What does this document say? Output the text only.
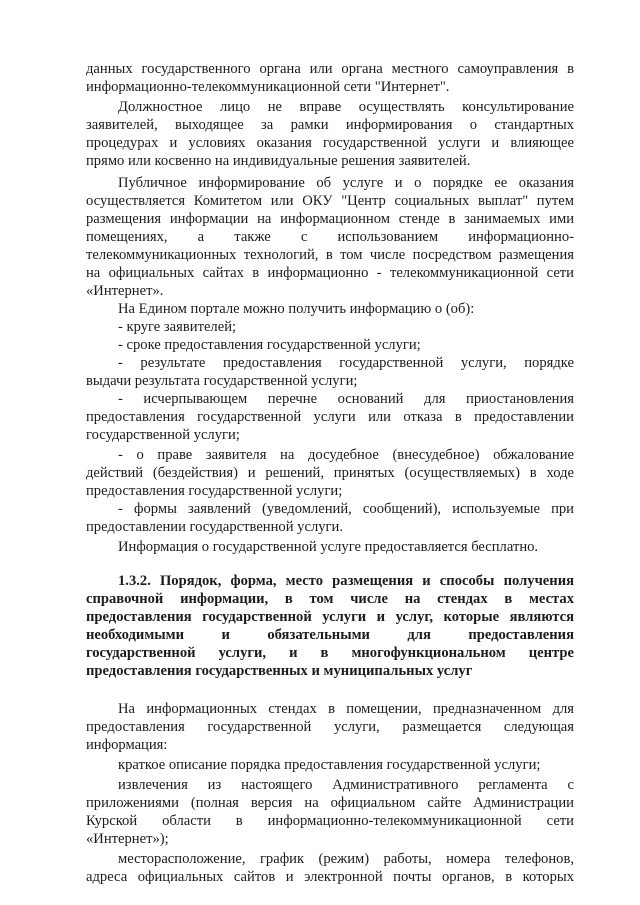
данных государственного органа или органа местного самоуправления в

информационно-телекоммуникационной сети "Интернет".

Должностное лицо не вправе осуществлять консультирование

заявителей, выходящее за рамки информирования о стандартных

процедурах и условиях оказания государственной услуги и влияющее

прямо или косвенно на индивидуальные решения заявителей.

Публичное информирование об услуге и о порядке ее оказания

осуществляется Комитетом или ОКУ "Центр социальных выплат" путем

размещения информации на информационном стенде в занимаемых ими

помещениях, а также с использованием информационно-

телекоммуникационных технологий, в том числе посредством размещения

на официальных сайтах в информационно - телекоммуникационной сети

«Интернет».

На Едином портале можно получить информацию о (об):

- круге заявителей;

- сроке предоставления государственной услуги;

- результате предоставления государственной услуги, порядке

выдачи результата государственной услуги;

- исчерпывающем перечне оснований для приостановления

предоставления государственной услуги или отказа в предоставлении

государственной услуги;

- о праве заявителя на досудебное (внесудебное) обжалование

действий (бездействия) и решений, принятых (осуществляемых) в ходе

предоставления государственной услуги;

- формы заявлений (уведомлений, сообщений), используемые при

предоставлении государственной услуги.

Информация о государственной услуге предоставляется бесплатно.

1.3.2. Порядок, форма, место размещения и способы получения

справочной информации, в том числе на стендах в местах

предоставления государственной услуги и услуг, которые являются

необходимыми и обязательными для предоставления

государственной услуги, и в многофункциональном центре

предоставления государственных и муниципальных услуг

На информационных стендах в помещении, предназначенном для

предоставления государственной услуги, размещается следующая

информация:

краткое описание порядка предоставления государственной услуги;

извлечения из настоящего Административного регламента с

приложениями (полная версия на официальном сайте Администрации

Курской области в информационно-телекоммуникационной сети

«Интернет»);

месторасположение, график (режим) работы, номера телефонов,

адреса официальных сайтов и электронной почты органов, в которых
